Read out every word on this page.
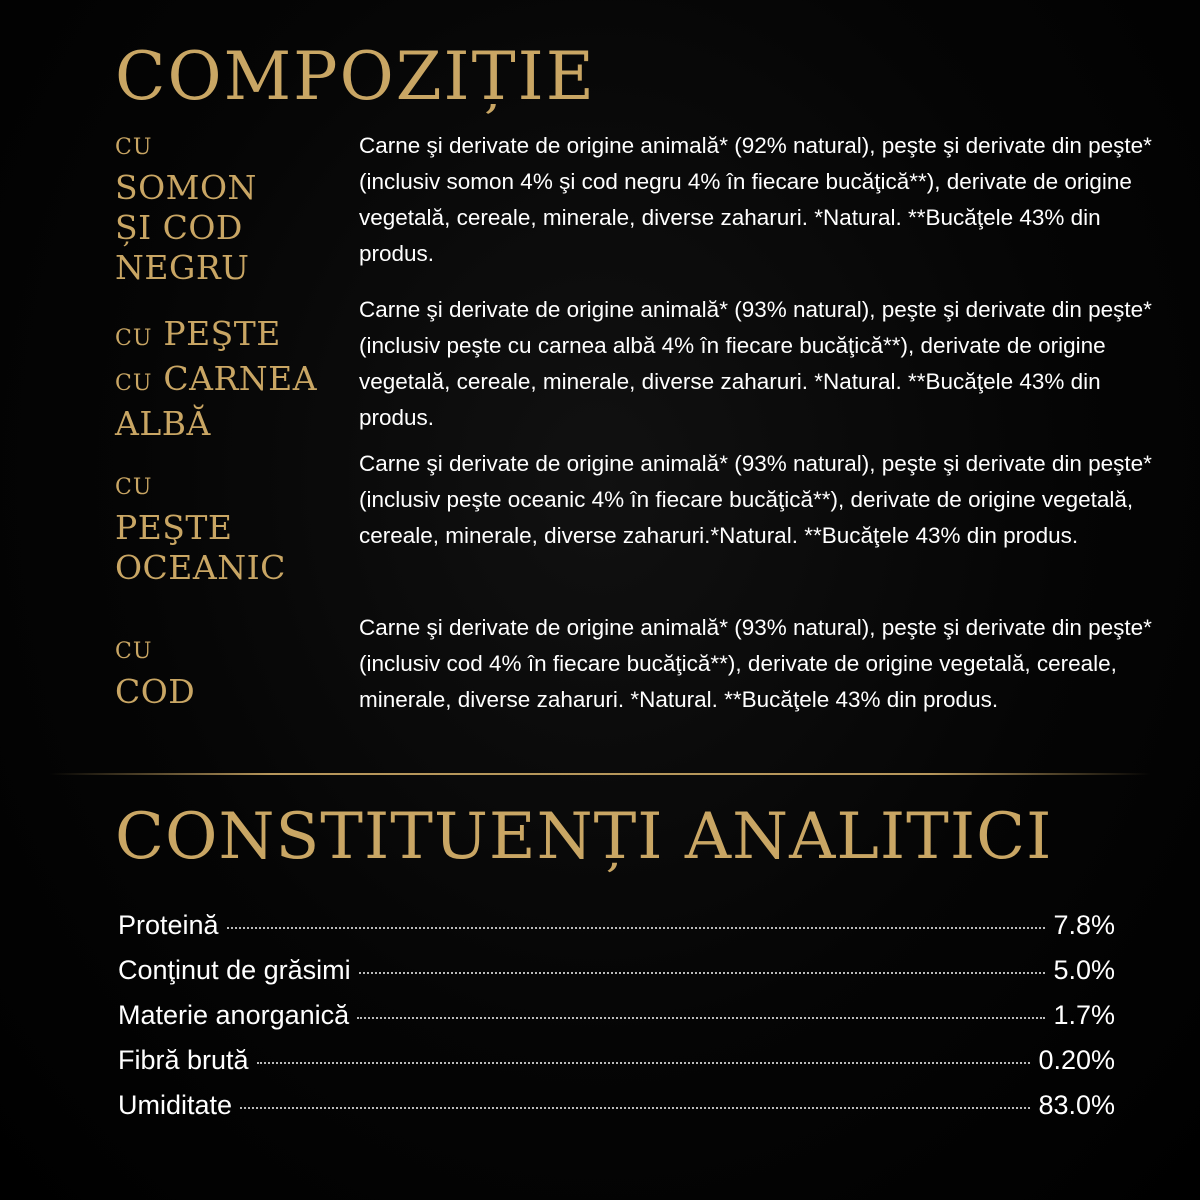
COMPOZIȚIE
CU
SOMON
ȘI COD
NEGRU
Carne şi derivate de origine animală* (92% natural), peşte şi derivate din peşte* (inclusiv somon 4% şi cod negru 4% în fiecare bucăţică**), derivate de origine vegetală, cereale, minerale, diverse zaharuri. *Natural. **Bucăţele 43% din produs.
CU PEŞTE
CU CARNEA
ALBĂ
Carne şi derivate de origine animală* (93% natural), peşte şi derivate din peşte* (inclusiv peşte cu carnea albă 4% în fiecare bucăţică**), derivate de origine vegetală, cereale, minerale, diverse zaharuri. *Natural. **Bucăţele 43% din produs.
CU
PEŞTE
OCEANIC
Carne şi derivate de origine animală* (93% natural), peşte şi derivate din peşte* (inclusiv peşte oceanic 4% în fiecare bucăţică**), derivate de origine vegetală, cereale, minerale, diverse zaharuri.*Natural. **Bucăţele 43% din produs.
CU
COD
Carne şi derivate de origine animală* (93% natural), peşte şi derivate din peşte* (inclusiv cod 4% în fiecare bucăţică**), derivate de origine vegetală, cereale, minerale, diverse zaharuri. *Natural. **Bucăţele 43% din produs.
CONSTITUENȚI ANALITICI
Proteină	7.8%
Conţinut de grăsimi	5.0%
Materie anorganică	1.7%
Fibră brută	0.20%
Umiditate	83.0%
